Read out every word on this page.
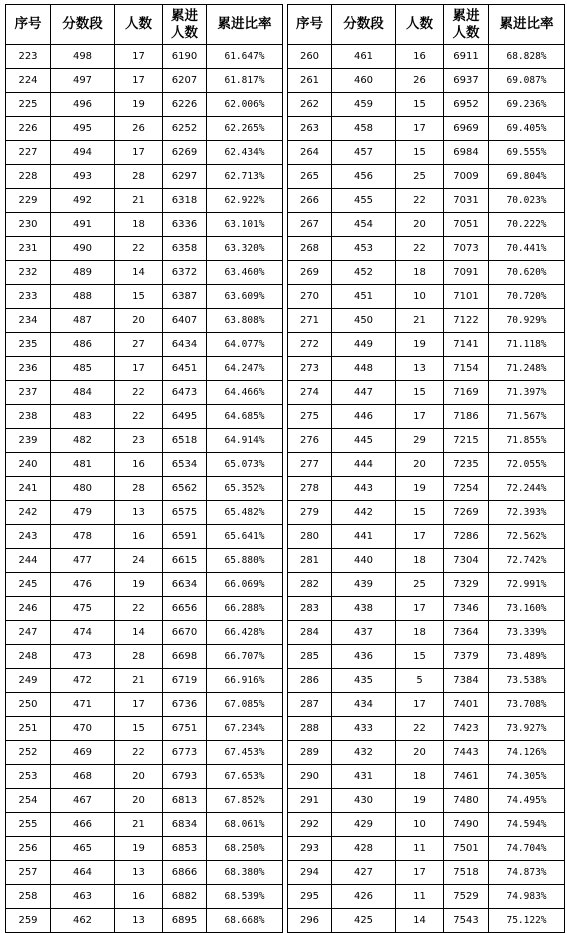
序号	分数段	人数	累进
人数	累进比率
223	498	17	6190	61.647%
224	497	17	6207	61.817%
225	496	19	6226	62.006%
226	495	26	6252	62.265%
227	494	17	6269	62.434%
228	493	28	6297	62.713%
229	492	21	6318	62.922%
230	491	18	6336	63.101%
231	490	22	6358	63.320%
232	489	14	6372	63.460%
233	488	15	6387	63.609%
234	487	20	6407	63.808%
235	486	27	6434	64.077%
236	485	17	6451	64.247%
237	484	22	6473	64.466%
238	483	22	6495	64.685%
239	482	23	6518	64.914%
240	481	16	6534	65.073%
241	480	28	6562	65.352%
242	479	13	6575	65.482%
243	478	16	6591	65.641%
244	477	24	6615	65.880%
245	476	19	6634	66.069%
246	475	22	6656	66.288%
247	474	14	6670	66.428%
248	473	28	6698	66.707%
249	472	21	6719	66.916%
250	471	17	6736	67.085%
251	470	15	6751	67.234%
252	469	22	6773	67.453%
253	468	20	6793	67.653%
254	467	20	6813	67.852%
255	466	21	6834	68.061%
256	465	19	6853	68.250%
257	464	13	6866	68.380%
258	463	16	6882	68.539%
259	462	13	6895	68.668%
序号	分数段	人数	累进
人数	累进比率
260	461	16	6911	68.828%
261	460	26	6937	69.087%
262	459	15	6952	69.236%
263	458	17	6969	69.405%
264	457	15	6984	69.555%
265	456	25	7009	69.804%
266	455	22	7031	70.023%
267	454	20	7051	70.222%
268	453	22	7073	70.441%
269	452	18	7091	70.620%
270	451	10	7101	70.720%
271	450	21	7122	70.929%
272	449	19	7141	71.118%
273	448	13	7154	71.248%
274	447	15	7169	71.397%
275	446	17	7186	71.567%
276	445	29	7215	71.855%
277	444	20	7235	72.055%
278	443	19	7254	72.244%
279	442	15	7269	72.393%
280	441	17	7286	72.562%
281	440	18	7304	72.742%
282	439	25	7329	72.991%
283	438	17	7346	73.160%
284	437	18	7364	73.339%
285	436	15	7379	73.489%
286	435	5	7384	73.538%
287	434	17	7401	73.708%
288	433	22	7423	73.927%
289	432	20	7443	74.126%
290	431	18	7461	74.305%
291	430	19	7480	74.495%
292	429	10	7490	74.594%
293	428	11	7501	74.704%
294	427	17	7518	74.873%
295	426	11	7529	74.983%
296	425	14	7543	75.122%
